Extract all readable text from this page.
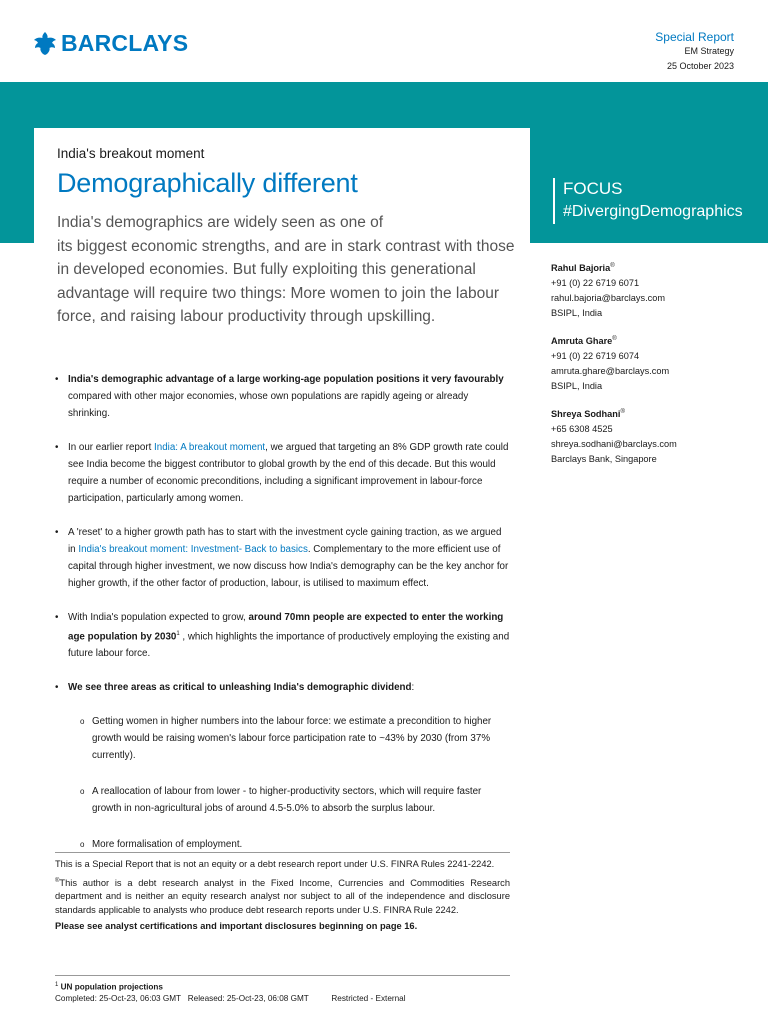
BARCLAYS	Special Report
EM Strategy
25 October 2023
FOCUS
#DivergingDemographics
India's breakout moment
Demographically different
India's demographics are widely seen as one of
its biggest economic strengths, and are in stark contrast with those in developed economies. But fully exploiting this generational advantage will require two things: More women to join the labour force, and raising labour productivity through upskilling.
Rahul Bajoria®
+91 (0) 22 6719 6071
rahul.bajoria@barclays.com
BSIPL, India
Amruta Ghare®
+91 (0) 22 6719 6074
amruta.ghare@barclays.com
BSIPL, India
Shreya Sodhani®
+65 6308 4525
shreya.sodhani@barclays.com
Barclays Bank, Singapore
• India's demographic advantage of a large working-age population positions it very favourably compared with other major economies, whose own populations are rapidly ageing or already shrinking.
• In our earlier report India: A breakout moment, we argued that targeting an 8% GDP growth rate could see India become the biggest contributor to global growth by the end of this decade. But this would require a number of economic preconditions, including a significant improvement in labour-force participation, particularly among women.
• A 'reset' to a higher growth path has to start with the investment cycle gaining traction, as we argued in India's breakout moment: Investment- Back to basics. Complementary to the more efficient use of capital through higher investment, we now discuss how India's demography can be the key anchor for higher growth, if the other factor of production, labour, is utilised to maximum effect.
• With India's population expected to grow, around 70mn people are expected to enter the working age population by 2030$^1$ , which highlights the importance of productively employing the existing and future labour force.
• We see three areas as critical to unleashing India's demographic dividend:
o Getting women in higher numbers into the labour force: we estimate a precondition to higher growth would be raising women's labour force participation rate to ~43% by 2030 (from 37% currently).
o A reallocation of labour from lower - to higher-productivity sectors, which will require faster growth in non-agricultural jobs of around 4.5-5.0% to absorb the surplus labour.
o More formalisation of employment.

This is a Special Report that is not an equity or a debt research report under U.S. FINRA Rules 2241-2242.

®This author is a debt research analyst in the Fixed Income, Currencies and Commodities Research department and is neither an equity research analyst nor subject to all of the independence and disclosure standards applicable to analysts who produce debt research reports under U.S. FINRA Rule 2242.

Please see analyst certifications and important disclosures beginning on page 16.

$^1$ UN population projections
Completed: 25-Oct-23, 06:03 GMT   Released: 25-Oct-23, 06:08 GMT          Restricted - External
